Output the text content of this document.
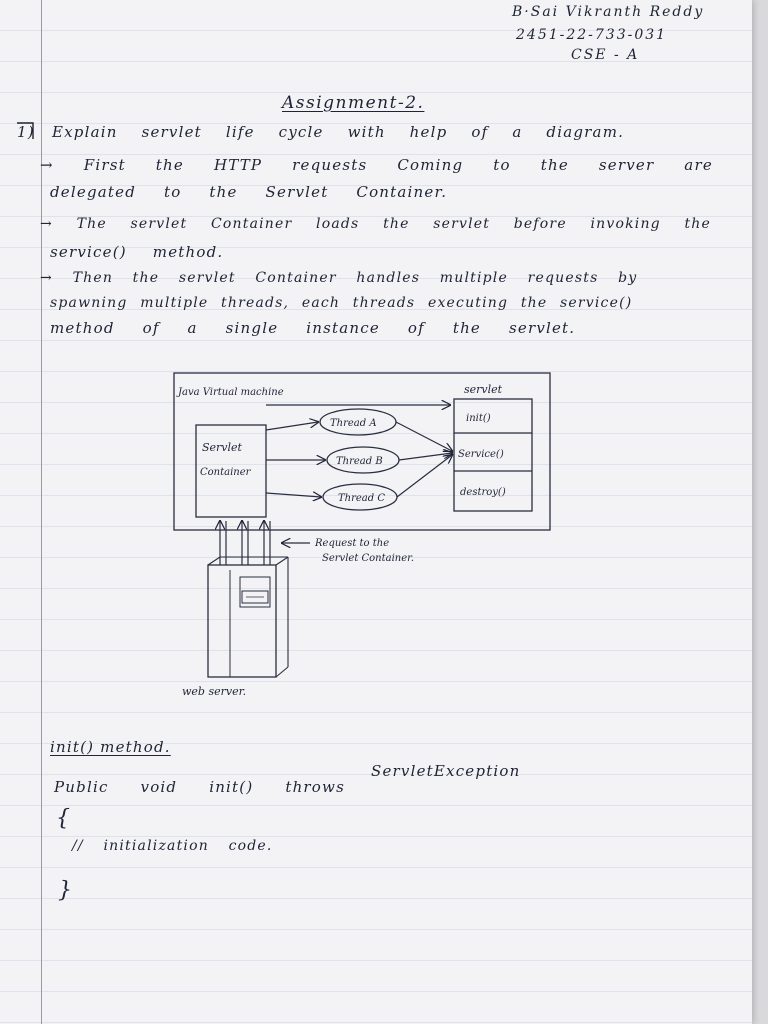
B·Sai Vikranth Reddy
2451-22-733-031
CSE - A
Assignment-2.
1) Explain servlet life cycle with help of a diagram.
→ First the HTTP requests Coming to the server are
delegated to the Servlet Container.
→ The servlet Container loads the servlet before invoking the
service() method.
→ Then the servlet Container handles multiple requests by
spawning multiple threads, each threads executing the service()
method of a single instance of the servlet.
Java Virtual machine	servlet
Servlet
Container
init()
Service()
destroy()
Thread A
Thread B
Thread C
Request to the
Servlet Container.
web server.
init() method.
Public void init() throws
ServletException
{
// initialization code.
}
